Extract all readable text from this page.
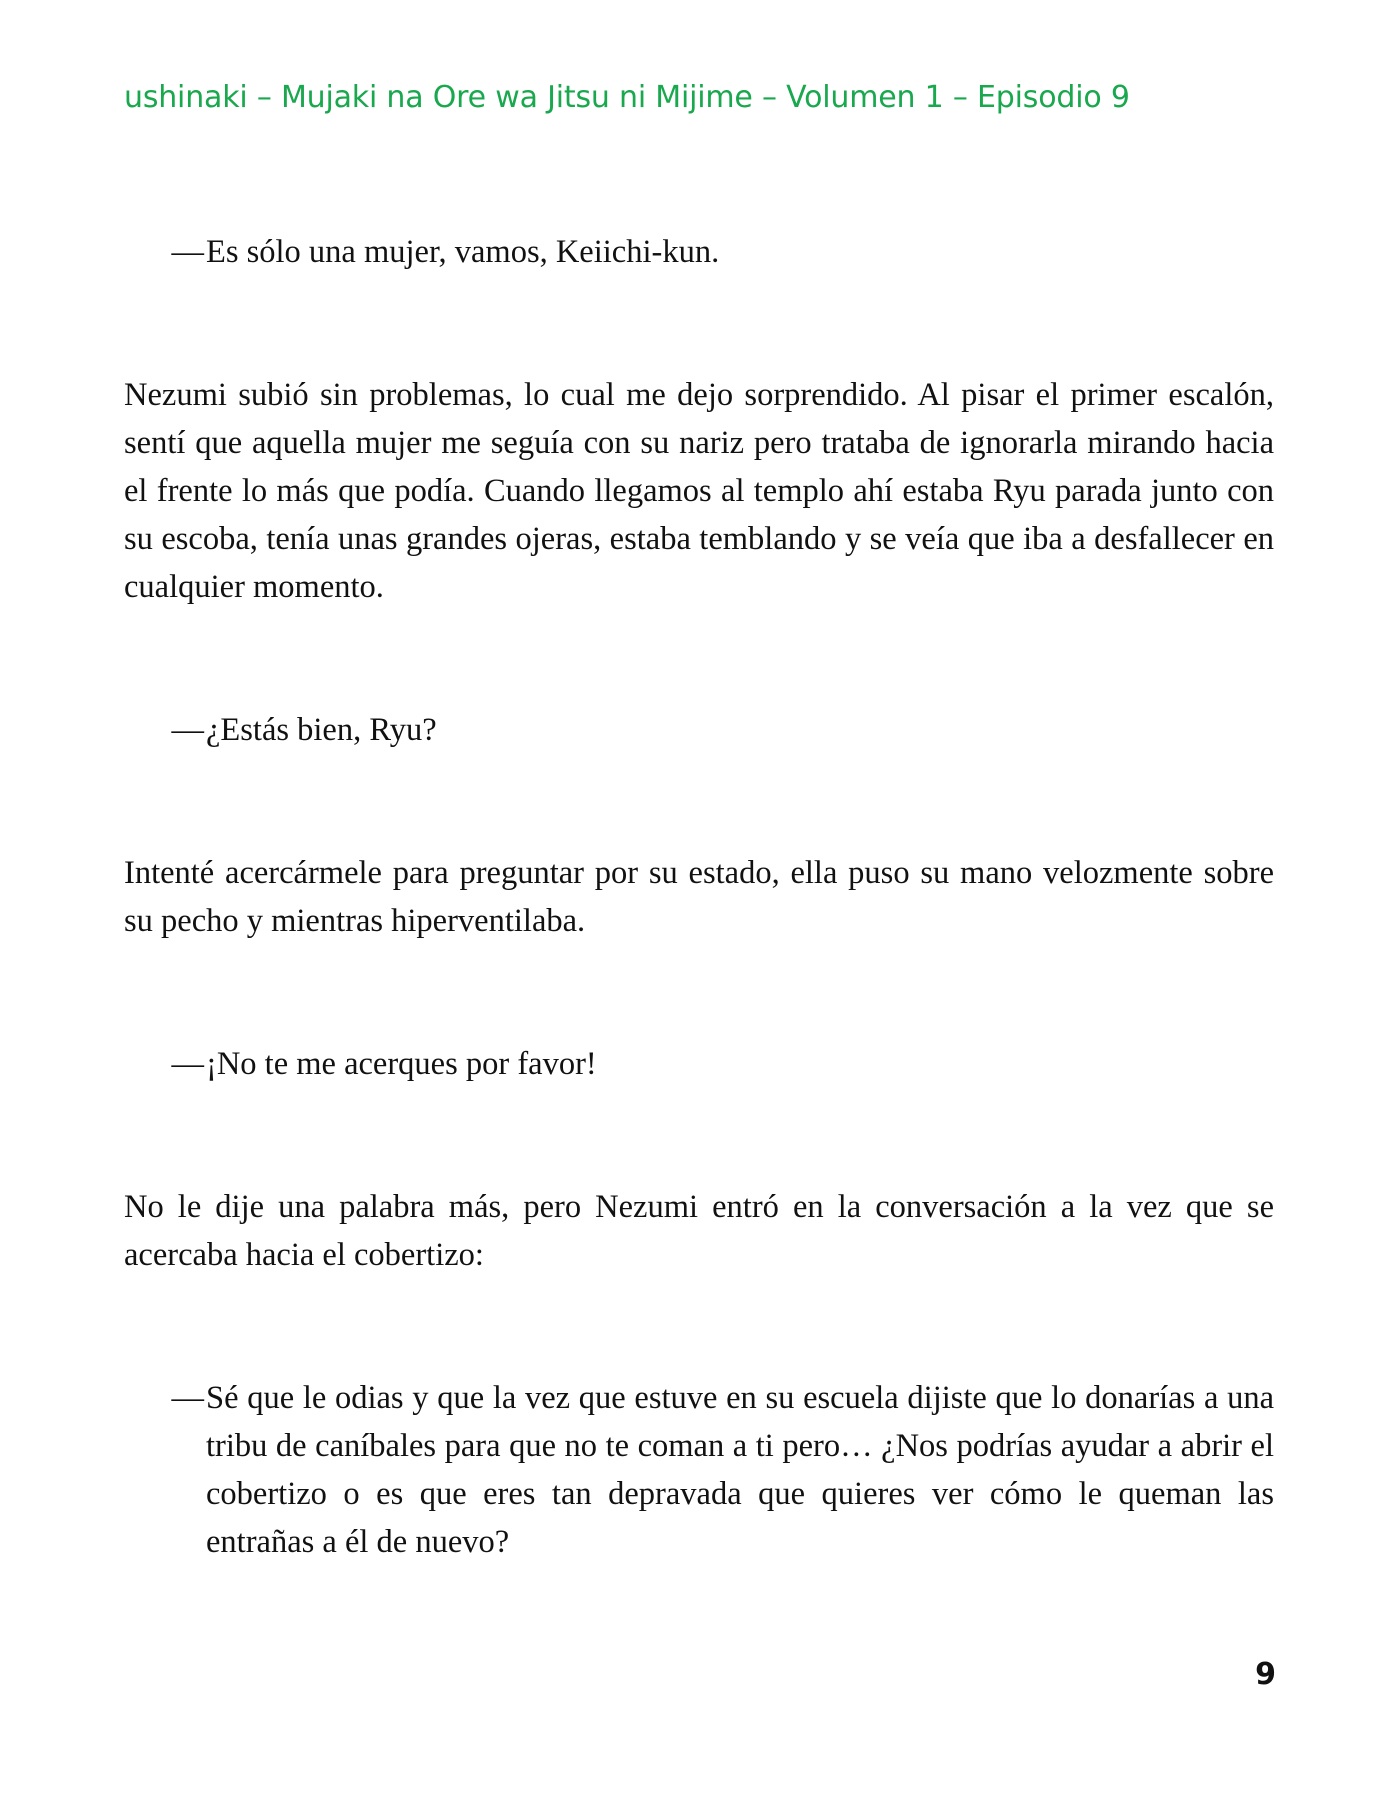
ushinaki – Mujaki na Ore wa Jitsu ni Mijime – Volumen 1 – Episodio 9
— Es sólo una mujer, vamos, Keiichi-kun.

Nezumi subió sin problemas, lo cual me dejo sorprendido. Al pisar el primer escalón, sentí que aquella mujer me seguía con su nariz pero trataba de ignorarla mirando hacia el frente lo más que podía. Cuando llegamos al templo ahí estaba Ryu parada junto con su escoba, tenía unas grandes ojeras, estaba temblando y se veía que iba a desfallecer en cualquier momento.

— ¿Estás bien, Ryu?

Intenté acercármele para preguntar por su estado, ella puso su mano velozmente sobre su pecho y mientras hiperventilaba.

— ¡No te me acerques por favor!

No le dije una palabra más, pero Nezumi entró en la conversación a la vez que se acercaba hacia el cobertizo:

— Sé que le odias y que la vez que estuve en su escuela dijiste que lo donarías a una tribu de caníbales para que no te coman a ti pero… ¿Nos podrías ayudar a abrir el cobertizo o es que eres tan depravada que quieres ver cómo le queman las entrañas a él de nuevo?
9
